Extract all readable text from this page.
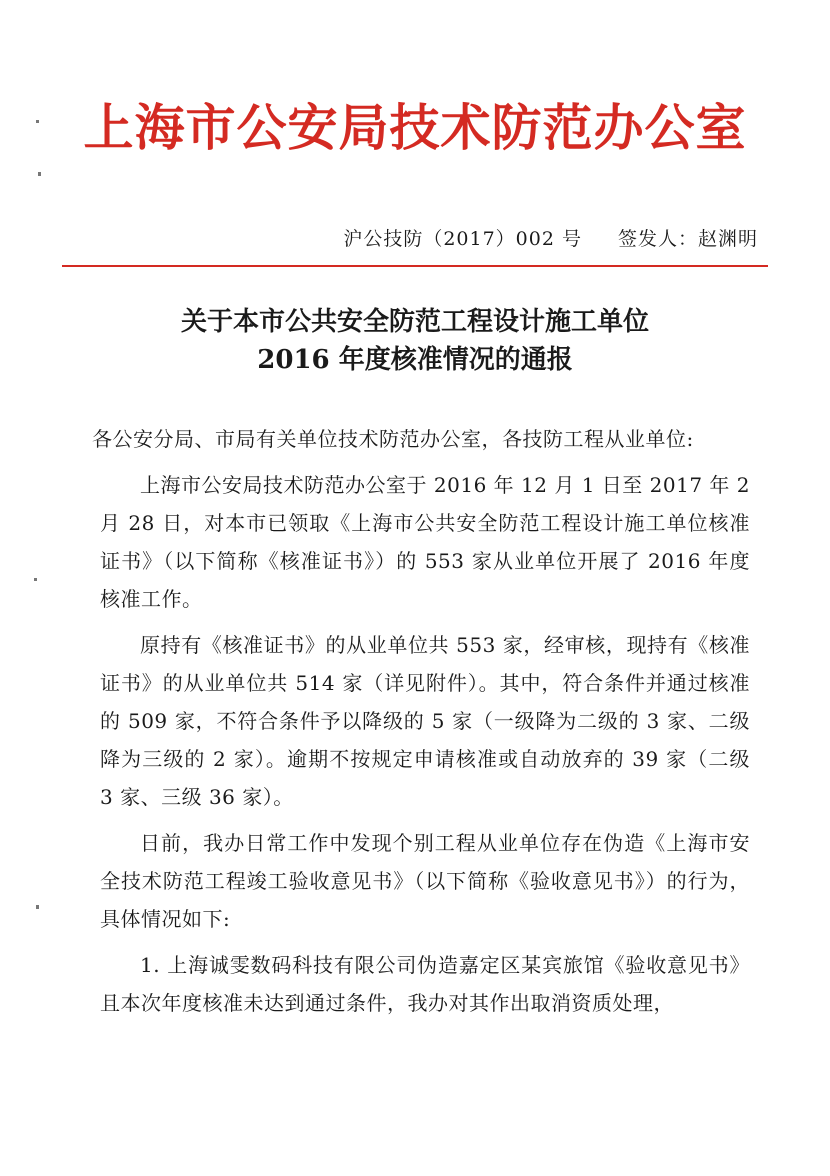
上海市公安局技术防范办公室
沪公技防（2017）002 号 签发人：赵渊明
关于本市公共安全防范工程设计施工单位
2016 年度核准情况的通报

各公安分局、市局有关单位技术防范办公室，各技防工程从业单位:

上海市公安局技术防范办公室于 2016 年 12 月 1 日至 2017 年 2 月 28 日，对本市已领取《上海市公共安全防范工程设计施工单位核准证书》（以下简称《核准证书》）的 553 家从业单位开展了 2016 年度核准工作。

原持有《核准证书》的从业单位共 553 家，经审核，现持有《核准证书》的从业单位共 514 家（详见附件）。其中，符合条件并通过核准的 509 家，不符合条件予以降级的 5 家（一级降为二级的 3 家、二级降为三级的 2 家）。逾期不按规定申请核准或自动放弃的 39 家（二级 3 家、三级 36 家）。

日前，我办日常工作中发现个别工程从业单位存在伪造《上海市安全技术防范工程竣工验收意见书》（以下简称《验收意见书》）的行为，具体情况如下:

1. 上海诚雯数码科技有限公司伪造嘉定区某宾旅馆《验收意见书》且本次年度核准未达到通过条件，我办对其作出取消资质处理，
